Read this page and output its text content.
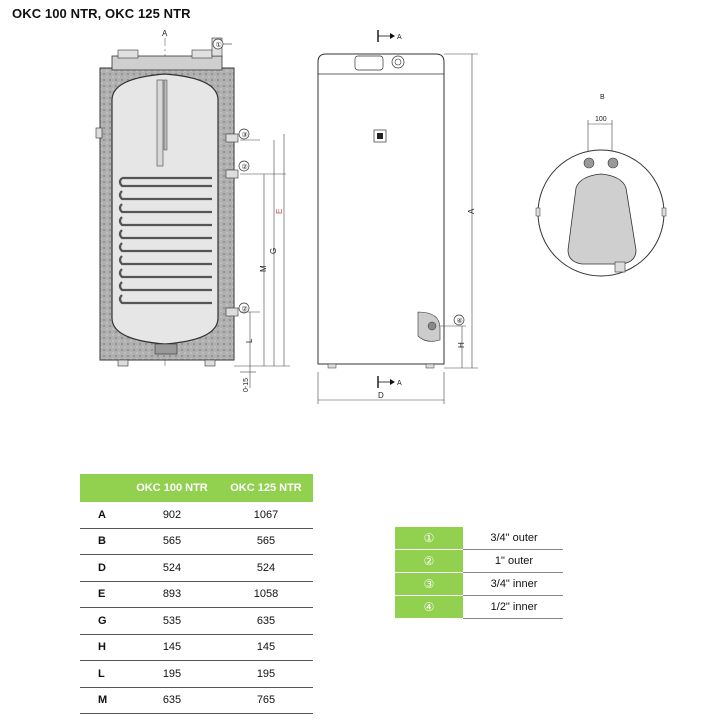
OKC 100 NTR, OKC 125 NTR
A
①
③
②
②
L
M
G
E
0-15
④
A
A
D
A
H
B
100
	OKC 100 NTR	OKC 125 NTR
A	902	1067
B	565	565
D	524	524
E	893	1058
G	535	635
H	145	145
L	195	195
M	635	765
①	3/4" outer
②	1" outer
③	3/4" inner
④	1/2" inner
